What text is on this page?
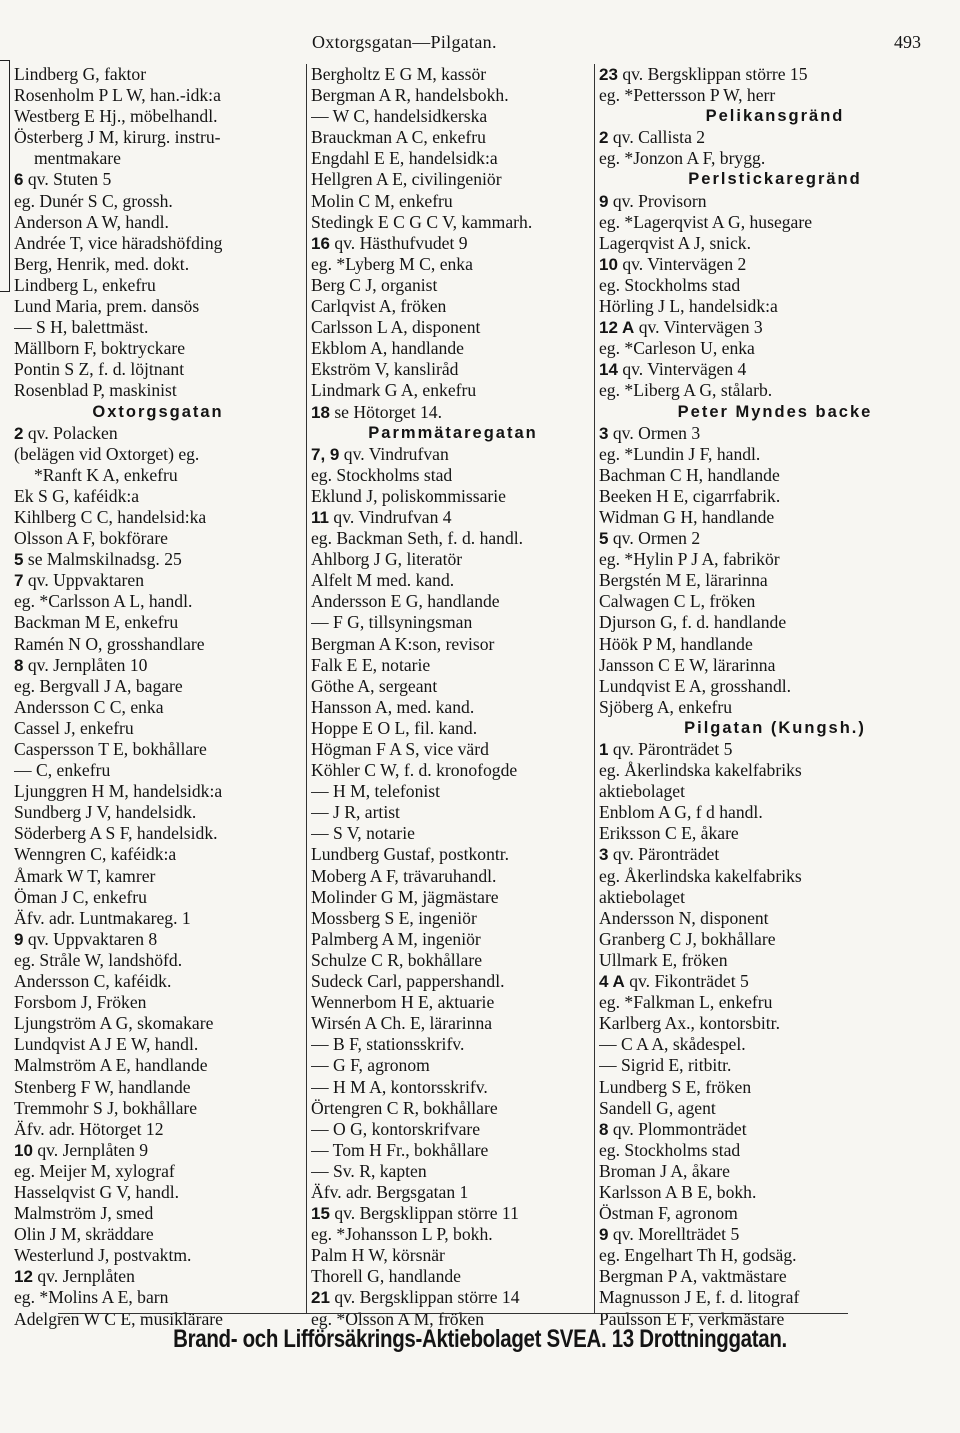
Oxtorgsgatan—Pilgatan.	493
Lindberg G, faktor
Rosenholm P L W, han.-idk:a
Westberg E Hj., möbelhandl.
Österberg J M, kirurg. instru-
mentmakare
6 qv. Stuten 5
eg. Dunér S C, grossh.
Anderson A W, handl.
Andrée T, vice häradshöfding
Berg, Henrik, med. dokt.
Lindberg L, enkefru
Lund Maria, prem. dansös
— S H, balettmäst.
Mällborn F, boktryckare
Pontin S Z, f. d. löjtnant
Rosenblad P, maskinist
Oxtorgsgatan
2 qv. Polacken
(belägen vid Oxtorget) eg.
*Ranft K A, enkefru
Ek S G, kaféidk:a
Kihlberg C C, handelsid:ka
Olsson A F, bokförare
5 se Malmskilnadsg. 25
7 qv. Uppvaktaren
eg. *Carlsson A L, handl.
Backman M E, enkefru
Ramén N O, grosshandlare
8 qv. Jernplåten 10
eg. Bergvall J A, bagare
Andersson C C, enka
Cassel J, enkefru
Caspersson T E, bokhållare
— C, enkefru
Ljunggren H M, handelsidk:a
Sundberg J V, handelsidk.
Söderberg A S F, handelsidk.
Wenngren C, kaféidk:a
Åmark W T, kamrer
Öman J C, enkefru
Äfv. adr. Luntmakareg. 1
9 qv. Uppvaktaren 8
eg. Stråle W, landshöfd.
Andersson C, kaféidk.
Forsbom J, Fröken
Ljungström A G, skomakare
Lundqvist A J E W, handl.
Malmström A E, handlande
Stenberg F W, handlande
Tremmohr S J, bokhållare
Äfv. adr. Hötorget 12
10 qv. Jernplåten 9
eg. Meijer M, xylograf
Hasselqvist G V, handl.
Malmström J, smed
Olin J M, skräddare
Westerlund J, postvaktm.
12 qv. Jernplåten
eg. *Molins A E, barn
Adelgren W C E, musiklärare
Bergholtz E G M, kassör
Bergman A R, handelsbokh.
— W C, handelsidkerska
Brauckman A C, enkefru
Engdahl E E, handelsidk:a
Hellgren A E, civilingeniör
Molin C M, enkefru
Stedingk E C G C V, kammarh.
16 qv. Hästhufvudet 9
eg. *Lyberg M C, enka
Berg C J, organist
Carlqvist A, fröken
Carlsson L A, disponent
Ekblom A, handlande
Ekström V, kansliråd
Lindmark G A, enkefru
18 se Hötorget 14.
Parmmätaregatan
7, 9 qv. Vindrufvan
eg. Stockholms stad
Eklund J, poliskommissarie
11 qv. Vindrufvan 4
eg. Backman Seth, f. d. handl.
Ahlborg J G, literatör
Alfelt M med. kand.
Andersson E G, handlande
— F G, tillsyningsman
Bergman A K:son, revisor
Falk E E, notarie
Göthe A, sergeant
Hansson A, med. kand.
Hoppe E O L, fil. kand.
Högman F A S, vice värd
Köhler C W, f. d. kronofogde
— H M, telefonist
— J R, artist
— S V, notarie
Lundberg Gustaf, postkontr.
Moberg A F, trävaruhandl.
Molinder G M, jägmästare
Mossberg S E, ingeniör
Palmberg A M, ingeniör
Schulze C R, bokhållare
Sudeck Carl, pappershandl.
Wennerbom H E, aktuarie
Wirsén A Ch. E, lärarinna
— B F, stationsskrifv.
— G F, agronom
— H M A, kontorsskrifv.
Örtengren C R, bokhållare
— O G, kontorskrifvare
— Tom H Fr., bokhållare
— Sv. R, kapten
Äfv. adr. Bergsgatan 1
15 qv. Bergsklippan större 11
eg. *Johansson L P, bokh.
Palm H W, körsnär
Thorell G, handlande
21 qv. Bergsklippan större 14
eg. *Olsson A M, fröken
23 qv. Bergsklippan större 15
eg. *Pettersson P W, herr
Pelikansgränd
2 qv. Callista 2
eg. *Jonzon A F, brygg.
Perlstickaregränd
9 qv. Provisorn
eg. *Lagerqvist A G, husegare
Lagerqvist A J, snick.
10 qv. Vintervägen 2
eg. Stockholms stad
Hörling J L, handelsidk:a
12 A qv. Vintervägen 3
eg. *Carleson U, enka
14 qv. Vintervägen 4
eg. *Liberg A G, stålarb.
Peter Myndes backe
3 qv. Ormen 3
eg. *Lundin J F, handl.
Bachman C H, handlande
Beeken H E, cigarrfabrik.
Widman G H, handlande
5 qv. Ormen 2
eg. *Hylin P J A, fabrikör
Bergstén M E, lärarinna
Calwagen C L, fröken
Djurson G, f. d. handlande
Höök P M, handlande
Jansson C E W, lärarinna
Lundqvist E A, grosshandl.
Sjöberg A, enkefru
Pilgatan (Kungsh.)
1 qv. Päronträdet 5
eg. Åkerlindska kakelfabriks
aktiebolaget
Enblom A G, f d handl.
Eriksson C E, åkare
3 qv. Päronträdet
eg. Åkerlindska kakelfabriks
aktiebolaget
Andersson N, disponent
Granberg C J, bokhållare
Ullmark E, fröken
4 A qv. Fikonträdet 5
eg. *Falkman L, enkefru
Karlberg Ax., kontorsbitr.
— C A A, skådespel.
— Sigrid E, ritbitr.
Lundberg S E, fröken
Sandell G, agent
8 qv. Plommonträdet
eg. Stockholms stad
Broman J A, åkare
Karlsson A B E, bokh.
Östman F, agronom
9 qv. Morellträdet 5
eg. Engelhart Th H, godsäg.
Bergman P A, vaktmästare
Magnusson J E, f. d. litograf
Paulsson E F, verkmästare
Brand- och Lifförsäkrings-Aktiebolaget SVEA. 13 Drottninggatan.
